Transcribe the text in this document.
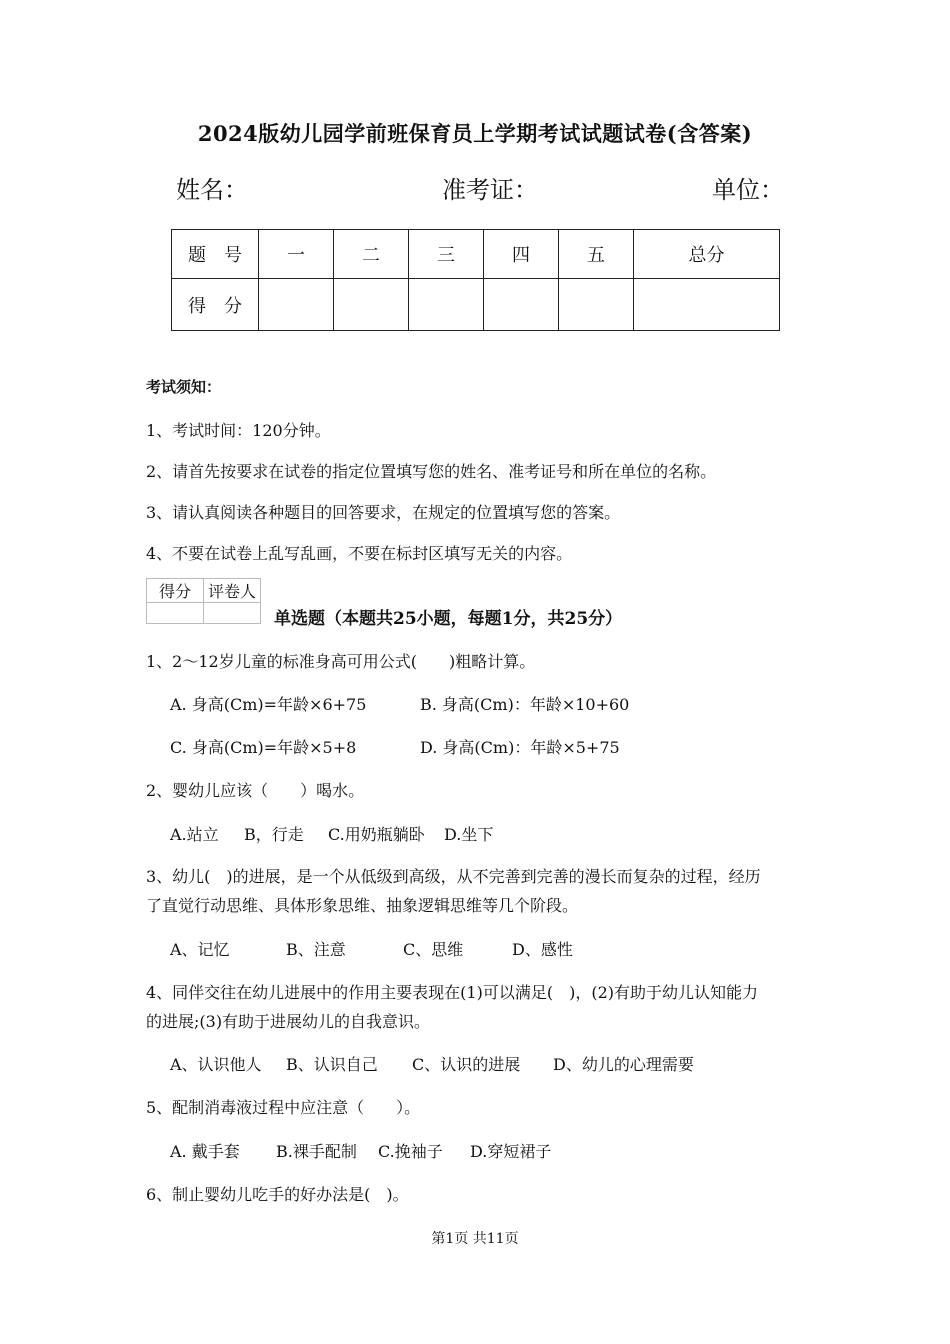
2024版幼儿园学前班保育员上学期考试试题试卷(含答案)
姓名：	准考证：	单位：
题　号	一	二	三	四	五	总分
得　分						
考试须知：
1、考试时间：120分钟。
2、请首先按要求在试卷的指定位置填写您的姓名、准考证号和所在单位的名称。
3、请认真阅读各种题目的回答要求，在规定的位置填写您的答案。
4、不要在试卷上乱写乱画，不要在标封区填写无关的内容。
得分	评卷人

单选题（本题共25小题，每题1分，共25分）
1、2～12岁儿童的标准身高可用公式(　　)粗略计算。
A. 身高(Cm)=年龄×6+75	B. 身高(Cm)：年龄×10+60
C. 身高(Cm)=年龄×5+8	D. 身高(Cm)：年龄×5+75
2、婴幼儿应该（　　）喝水。
A.站立 B，行走 C.用奶瓶躺卧 D.坐下
3、幼儿(　)的进展，是一个从低级到高级，从不完善到完善的漫长而复杂的过程，经历
了直觉行动思维、具体形象思维、抽象逻辑思维等几个阶段。
A、记忆	B、注意	C、思维	D、感性
4、同伴交往在幼儿进展中的作用主要表现在(1)可以满足(　)，(2)有助于幼儿认知能力
的进展;(3)有助于进展幼儿的自我意识。
A、认识他人 B、认识自己 C、认识的进展 D、幼儿的心理需要
5、配制消毒液过程中应注意（　　）。
A. 戴手套 B.裸手配制 C.挽袖子 D.穿短裙子
6、制止婴幼儿吃手的好办法是(　)。
第1页 共11页
